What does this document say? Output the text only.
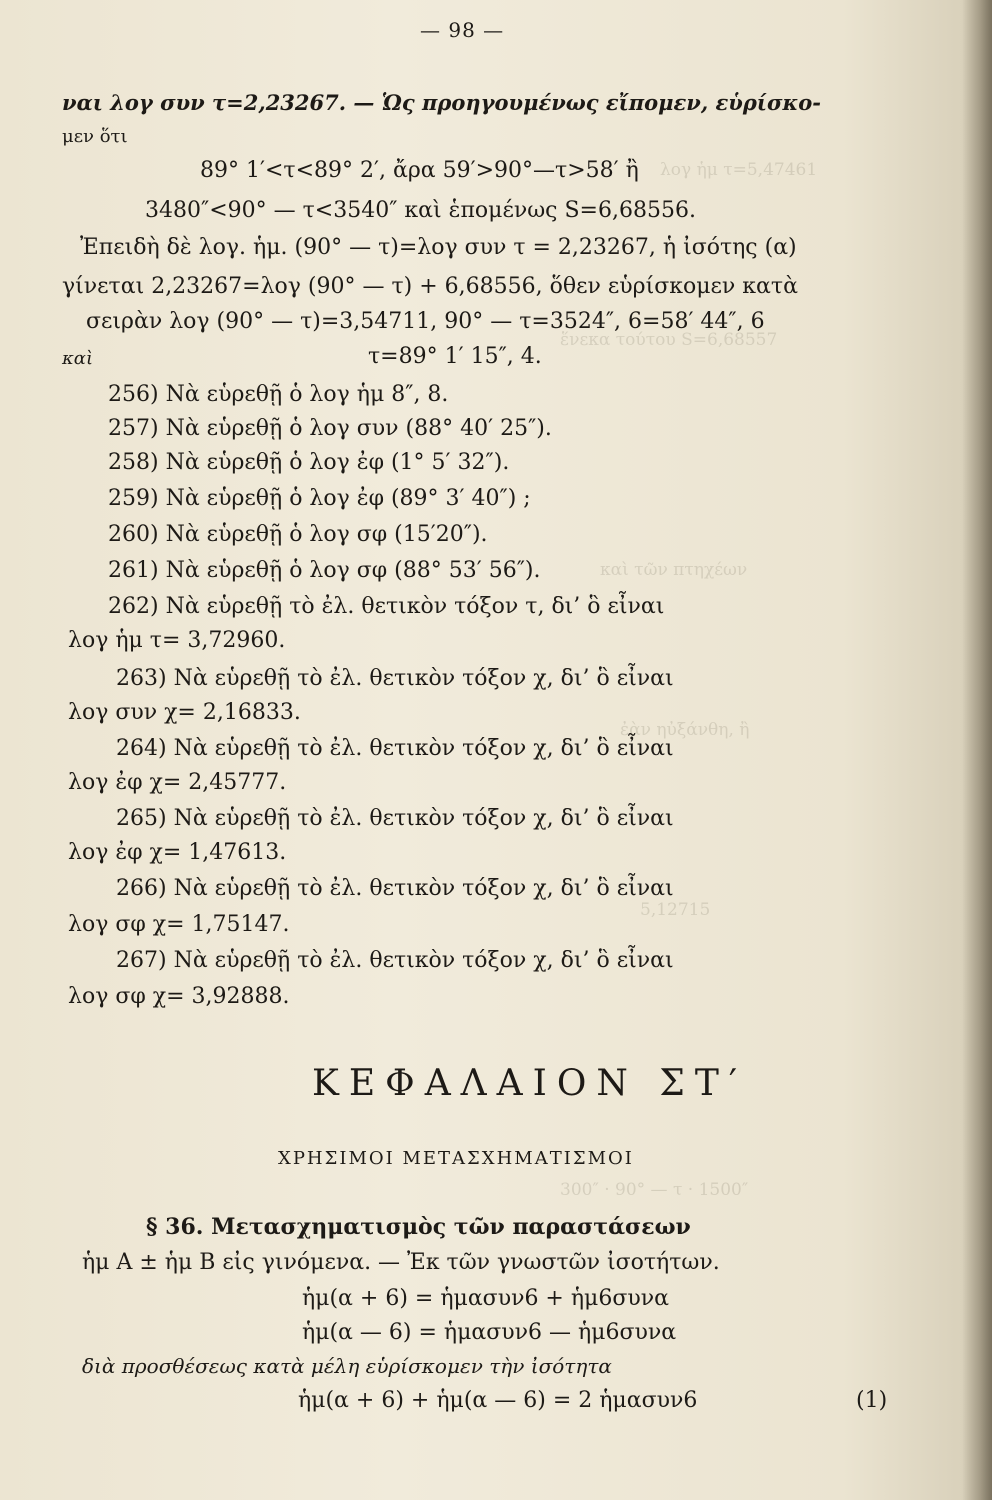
— 98 —
ναι λογ συν τ=2,23267. — Ὡς προηγουμένως εἴπομεν, εὑρίσκο-
μεν ὅτι
89° 1′<τ<89° 2′, ἄρα 59′>90°—τ>58′ ἢ
3480″<90° — τ<3540″ καὶ ἑπομένως S=6,68556.
Ἐπειδὴ δὲ λογ. ἡμ. (90° — τ)=λογ συν τ = 2,23267, ἡ ἰσότης (α)
γίνεται 2,23267=λογ (90° — τ) + 6,68556, ὅθεν εὑρίσκομεν κατὰ
σειρὰν λογ (90° — τ)=3,54711, 90° — τ=3524″, 6=58′ 44″, 6
καὶ	τ=89° 1′ 15″, 4.
256) Νὰ εὑρεθῇ ὁ λογ ἡμ 8″, 8.
257) Νὰ εὑρεθῇ ὁ λογ συν (88° 40′ 25″).
258) Νὰ εὑρεθῇ ὁ λογ ἐφ (1° 5′ 32″).
259) Νὰ εὑρεθῇ ὁ λογ ἐφ (89° 3′ 40″) ;
260) Νὰ εὑρεθῇ ὁ λογ σφ (15′20″).
261) Νὰ εὑρεθῇ ὁ λογ σφ (88° 53′ 56″).
262) Νὰ εὑρεθῇ τὸ ἐλ. θετικὸν τόξον τ, δι’ ὃ εἶναι
λογ ἡμ τ= 3,72960.
263) Νὰ εὑρεθῇ τὸ ἐλ. θετικὸν τόξον χ, δι’ ὃ εἶναι
λογ συν χ= 2,16833.
264) Νὰ εὑρεθῇ τὸ ἐλ. θετικὸν τόξον χ, δι’ ὃ εἶναι
λογ ἐφ χ= 2,45777.
265) Νὰ εὑρεθῇ τὸ ἐλ. θετικὸν τόξον χ, δι’ ὃ εἶναι
λογ ἐφ χ= 1,47613.
266) Νὰ εὑρεθῇ τὸ ἐλ. θετικὸν τόξον χ, δι’ ὃ εἶναι
λογ σφ χ= 1,75147.
267) Νὰ εὑρεθῇ τὸ ἐλ. θετικὸν τόξον χ, δι’ ὃ εἶναι
λογ σφ χ= 3,92888.
ΚΕΦΑΛΑΙΟΝ ΣΤ′
ΧΡΗΣΙΜΟΙ ΜΕΤΑΣΧΗΜΑΤΙΣΜΟΙ
§ 36. Μετασχηματισμὸς τῶν παραστάσεων
ἡμ A ± ἡμ B εἰς γινόμενα. — Ἐκ τῶν γνωστῶν ἰσοτήτων.
ἡμ(α + 6) = ἡμασυν6 + ἡμ6συνα
ἡμ(α — 6) = ἡμασυν6 — ἡμ6συνα
διὰ προσθέσεως κατὰ μέλη εὑρίσκομεν τὴν ἰσότητα
ἡμ(α + 6) + ἡμ(α — 6) = 2 ἡμασυν6	(1)
